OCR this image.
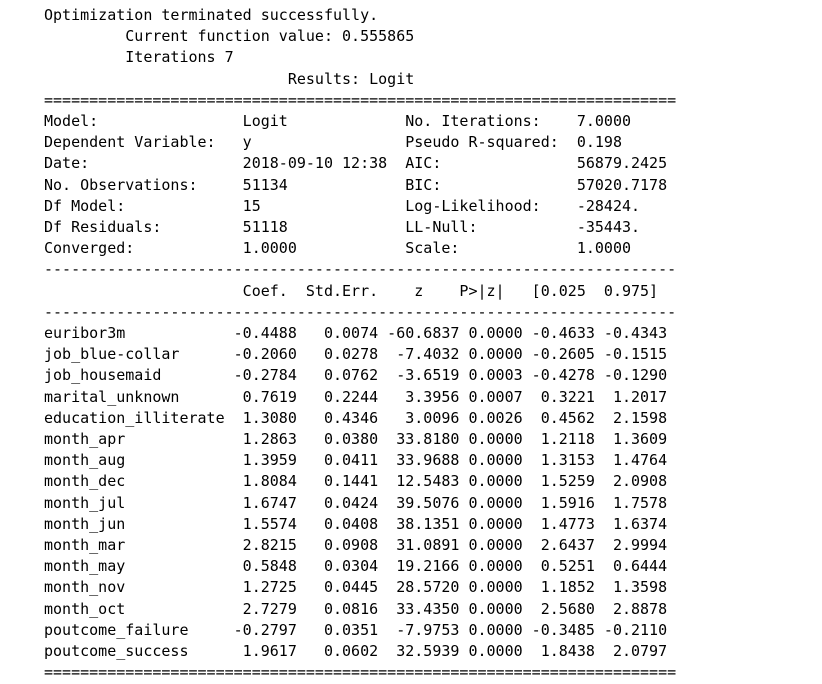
Optimization terminated successfully.
Current function value: 0.555865
Iterations 7
Results: Logit
======================================================================
Model:                Logit             No. Iterations:    7.0000
Dependent Variable:   y                 Pseudo R-squared:  0.198
Date:                 2018-09-10 12:38  AIC:               56879.2425
No. Observations:     51134             BIC:               57020.7178
Df Model:             15                Log-Likelihood:    -28424.
Df Residuals:         51118             LL-Null:           -35443.
Converged:            1.0000            Scale:             1.0000
----------------------------------------------------------------------
Coef.  Std.Err.    z    P>|z|   [0.025  0.975]
----------------------------------------------------------------------
euribor3m            -0.4488   0.0074 -60.6837 0.0000 -0.4633 -0.4343
job_blue-collar      -0.2060   0.0278  -7.4032 0.0000 -0.2605 -0.1515
job_housemaid        -0.2784   0.0762  -3.6519 0.0003 -0.4278 -0.1290
marital_unknown       0.7619   0.2244   3.3956 0.0007  0.3221  1.2017
education_illiterate  1.3080   0.4346   3.0096 0.0026  0.4562  2.1598
month_apr             1.2863   0.0380  33.8180 0.0000  1.2118  1.3609
month_aug             1.3959   0.0411  33.9688 0.0000  1.3153  1.4764
month_dec             1.8084   0.1441  12.5483 0.0000  1.5259  2.0908
month_jul             1.6747   0.0424  39.5076 0.0000  1.5916  1.7578
month_jun             1.5574   0.0408  38.1351 0.0000  1.4773  1.6374
month_mar             2.8215   0.0908  31.0891 0.0000  2.6437  2.9994
month_may             0.5848   0.0304  19.2166 0.0000  0.5251  0.6444
month_nov             1.2725   0.0445  28.5720 0.0000  1.1852  1.3598
month_oct             2.7279   0.0816  33.4350 0.0000  2.5680  2.8878
poutcome_failure     -0.2797   0.0351  -7.9753 0.0000 -0.3485 -0.2110
poutcome_success      1.9617   0.0602  32.5939 0.0000  1.8438  2.0797
======================================================================
